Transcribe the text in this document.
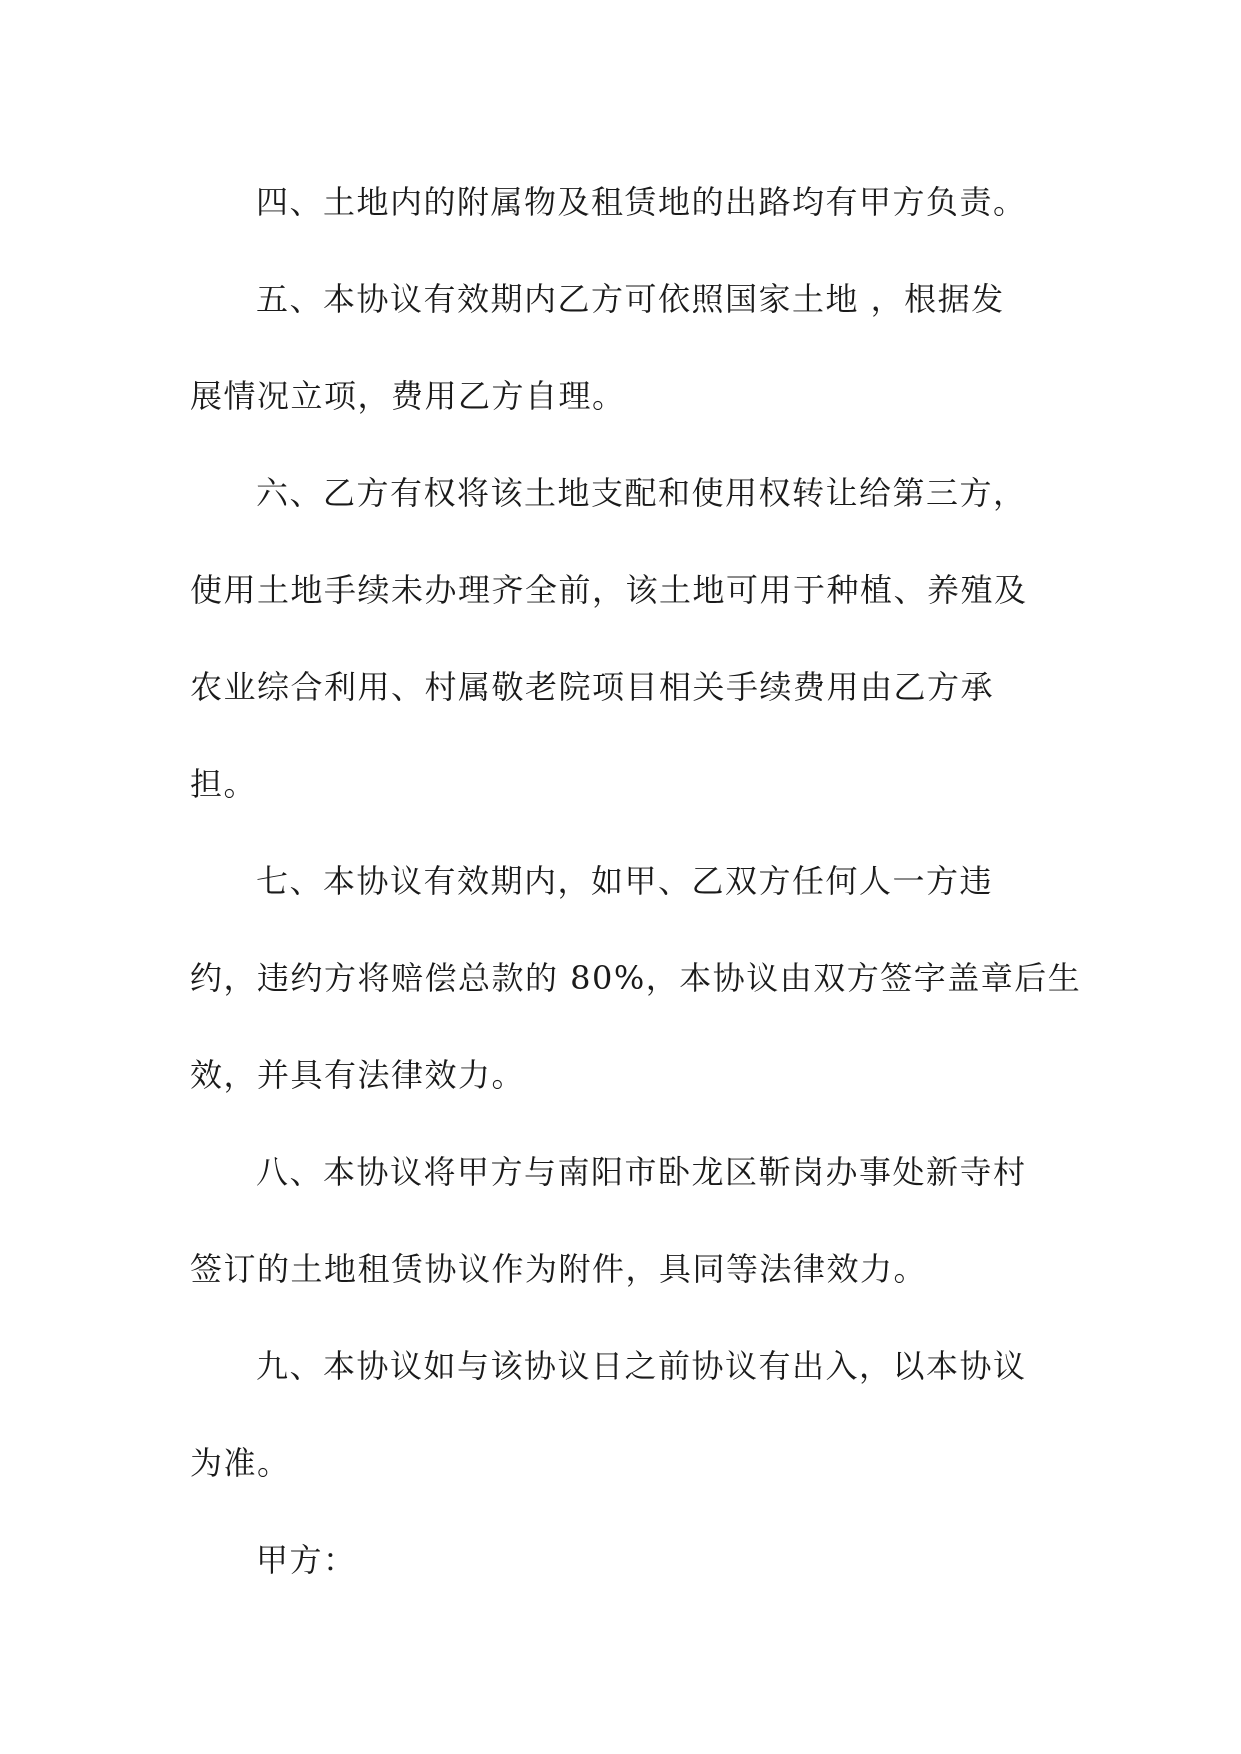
四、土地内的附属物及租赁地的出路均有甲方负责。

五、本协议有效期内乙方可依照国家土地 ，根据发

展情况立项，费用乙方自理。

六、乙方有权将该土地支配和使用权转让给第三方，

使用土地手续未办理齐全前，该土地可用于种植、养殖及

农业综合利用、村属敬老院项目相关手续费用由乙方承

担。

七、本协议有效期内，如甲、乙双方任何人一方违

约，违约方将赔偿总款的 80%，本协议由双方签字盖章后生

效，并具有法律效力。

八、本协议将甲方与南阳市卧龙区靳岗办事处新寺村

签订的土地租赁协议作为附件，具同等法律效力。

九、本协议如与该协议日之前协议有出入，以本协议

为准。

甲方：
